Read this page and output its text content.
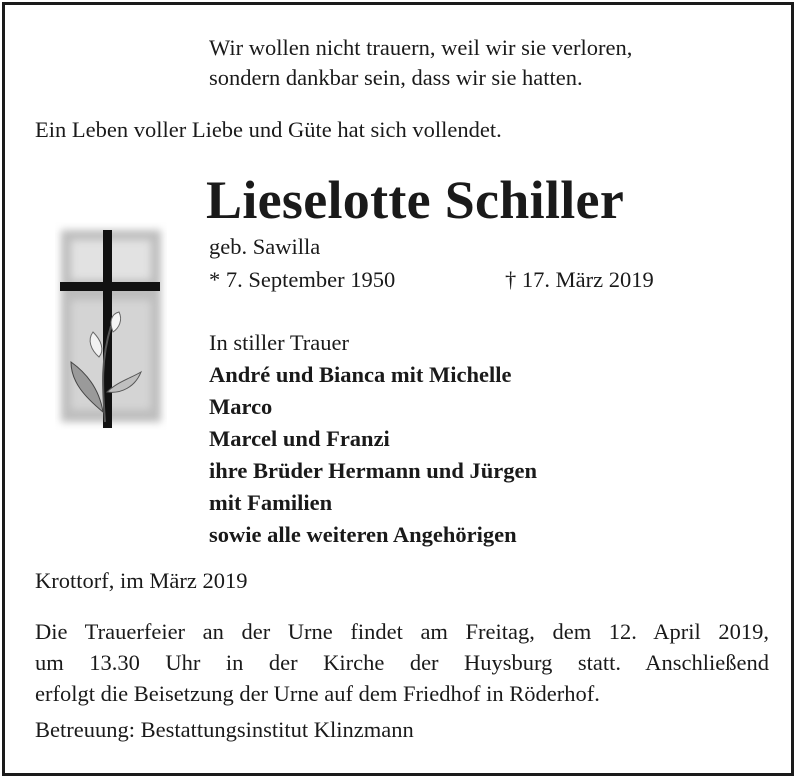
Wir wollen nicht trauern, weil wir sie verloren,
sondern dankbar sein, dass wir sie hatten.
Ein Leben voller Liebe und Güte hat sich vollendet.
Lieselotte Schiller
geb. Sawilla
* 7. September 1950	† 17. März 2019
In stiller Trauer
André und Bianca mit Michelle
Marco
Marcel und Franzi
ihre Brüder Hermann und Jürgen
mit Familien
sowie alle weiteren Angehörigen
Krottorf, im März 2019
Die Trauerfeier an der Urne findet am Freitag, dem 12. April 2019,
um 13.30 Uhr in der Kirche der Huysburg statt. Anschließend
erfolgt die Beisetzung der Urne auf dem Friedhof in Röderhof.
Betreuung: Bestattungsinstitut Klinzmann
